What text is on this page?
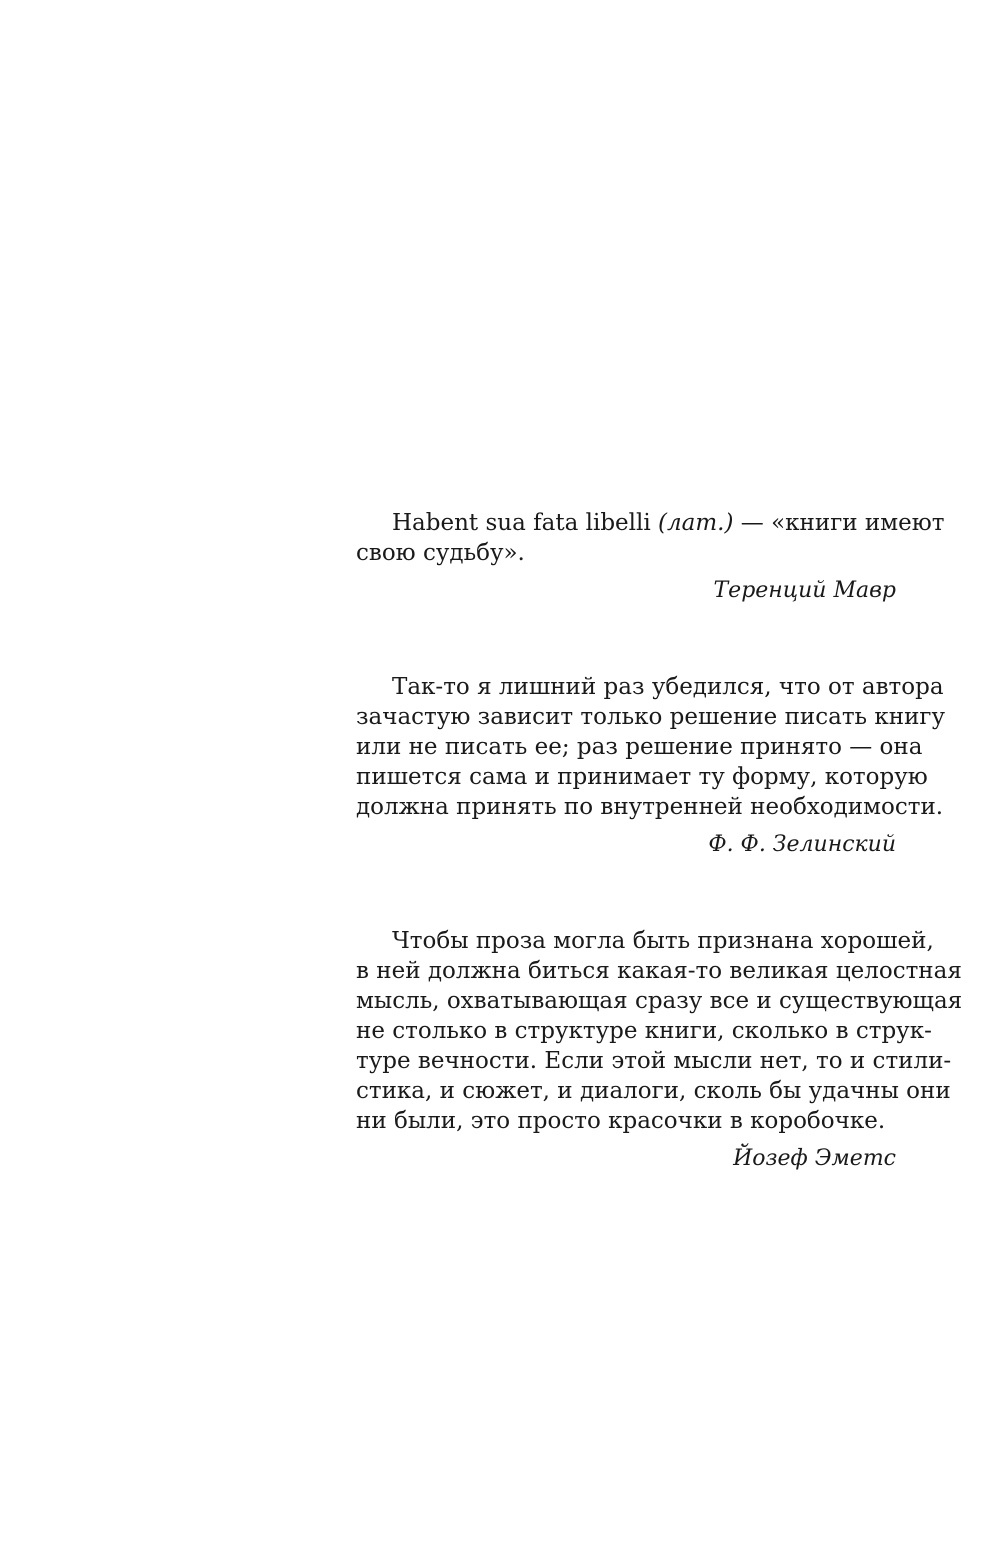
Habent sua fata libelli (лат.) — «книги имеют
свою судьбу».
Теренций Мавр
Так-то я лишний раз убедился, что от автора
зачастую зависит только решение писать книгу
или не писать ее; раз решение принято — она
пишется сама и принимает ту форму, которую
должна принять по внутренней необходимости.
Ф. Ф. Зелинский
Чтобы проза могла быть признана хорошей,
в ней должна биться какая-то великая целостная
мысль, охватывающая сразу все и существующая
не столько в структуре книги, сколько в струк-
туре вечности. Если этой мысли нет, то и стили-
стика, и сюжет, и диалоги, сколь бы удачны они
ни были, это просто красочки в коробочке.
Йозеф Эметс
